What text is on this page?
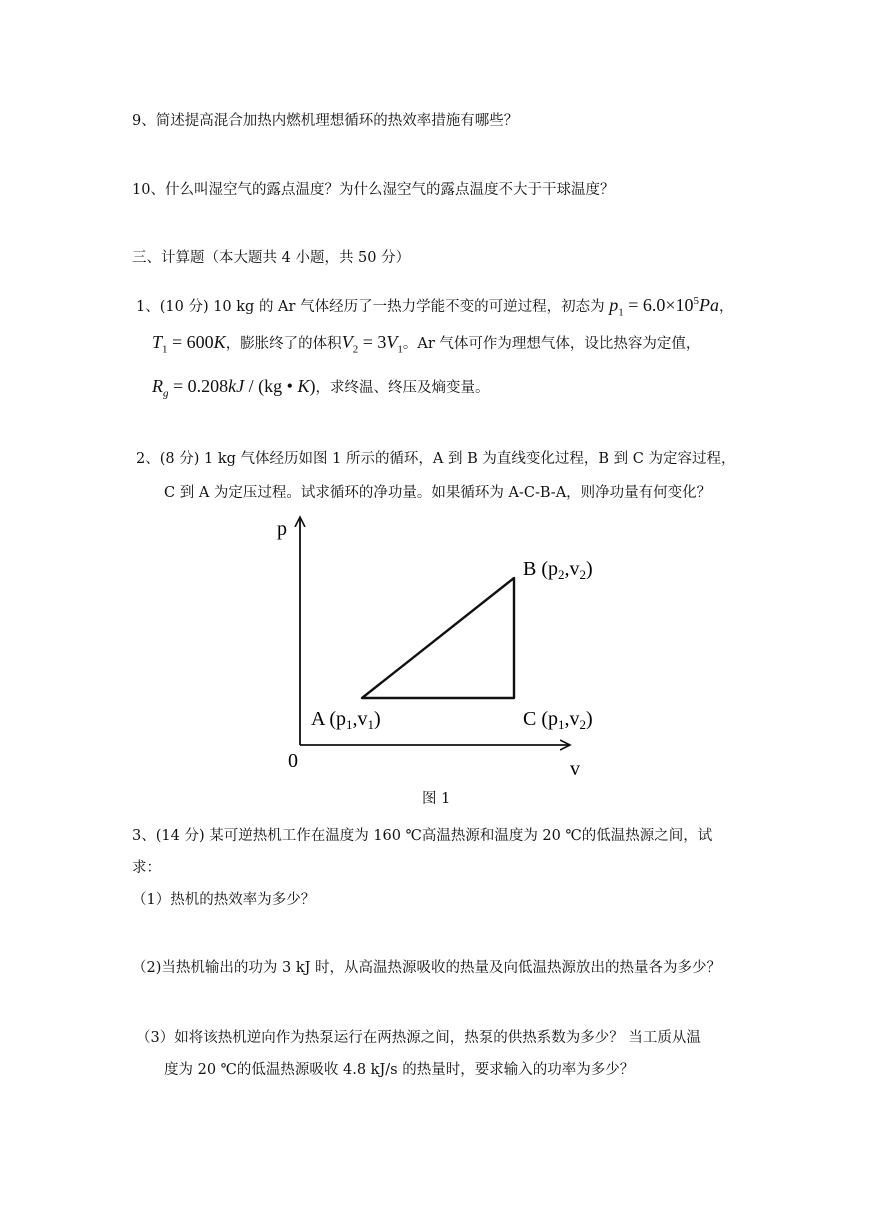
9、简述提高混合加热内燃机理想循环的热效率措施有哪些？
10、什么叫湿空气的露点温度？为什么湿空气的露点温度不大于干球温度？
三、计算题（本大题共 4 小题，共 50 分）
1、(10 分) 10 kg 的 Ar 气体经历了一热力学能不变的可逆过程，初态为 $p_1 = 6.0\times 10^5Pa$，
$T_1 = 600K$，膨胀终了的体积$V_2 = 3V_1$。Ar 气体可作为理想气体，设比热容为定值，
$R_g = 0.208kJ / (kg$ • K)，求终温、终压及熵变量。
2、(8 分) 1 kg 气体经历如图 1 所示的循环，A 到 B 为直线变化过程，B 到 C 为定容过程，
C 到 A 为定压过程。试求循环的净功量。如果循环为 A-C-B-A，则净功量有何变化？
p
v
0
A $(p_1,v_1)$
B $(p_2,v_2)$
C $(p_1,v_2)$
图 1
3、(14 分) 某可逆热机工作在温度为 160 ℃高温热源和温度为 20 ℃的低温热源之间，试
求：
（1）热机的热效率为多少？
（2)当热机输出的功为 3 kJ 时，从高温热源吸收的热量及向低温热源放出的热量各为多少？
（3）如将该热机逆向作为热泵运行在两热源之间，热泵的供热系数为多少？ 当工质从温
度为 20 ℃的低温热源吸收 4.8 kJ/s 的热量时，要求输入的功率为多少？
